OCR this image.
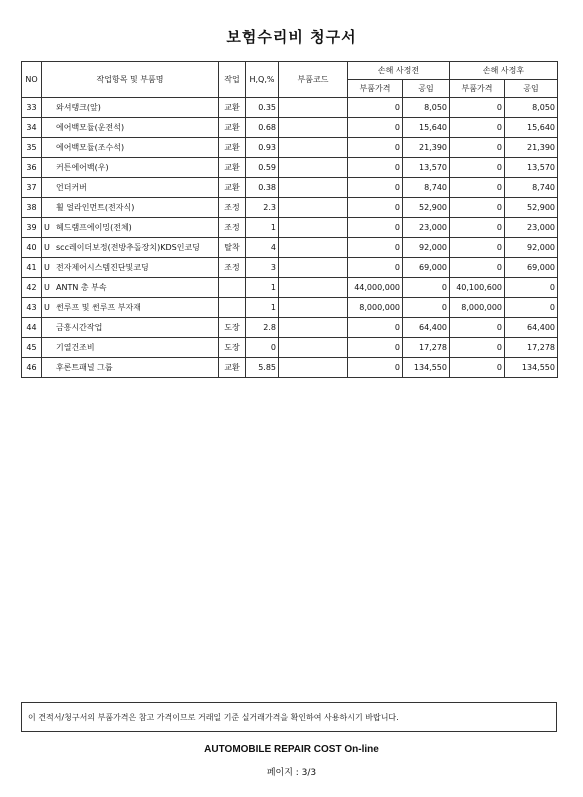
보험수리비 청구서
NO	작업항목 및 부품명	작업	H,Q,%	부품코드	손해 사정전		손해 사정후	
					부품가격	공임	부품가격	공임
33	와셔탱크(앞)	교환	0.35		0	8,050	0	8,050
34	에어백모듈(운전석)	교환	0.68		0	15,640	0	15,640
35	에어백모듈(조수석)	교환	0.93		0	21,390	0	21,390
36	커튼에어백(우)	교환	0.59		0	13,570	0	13,570
37	언더커버	교환	0.38		0	8,740	0	8,740
38	휠 얼라인먼트(전자식)	조정	2.3		0	52,900	0	52,900
39	U 헤드램프에이밍(전체)	조정	1		0	23,000	0	23,000
40	U scc레이더보정(전방추돌장치)KDS인코딩	탈착	4		0	92,000	0	92,000
41	U 전자제어시스템진단및코딩	조정	3		0	69,000	0	69,000
42	U ANTN 총 부속		1		44,000,000	0	40,100,600	0
43	U 썬루프 및 썬루프 부자재		1		8,000,000	0	8,000,000	0
44	금흥시간작업	도장	2.8		0	64,400	0	64,400
45	기열건조비	도장	0		0	17,278	0	17,278
46	후론트패널 그룹	교환	5.85		0	134,550	0	134,550
이 견적서/청구서의 부품가격은 참고 가격이므로 거래일 기준 실거래가격을 확인하여 사용하시기 바랍니다.
AUTOMOBILE REPAIR COST On-line
페이지 : 3/3
